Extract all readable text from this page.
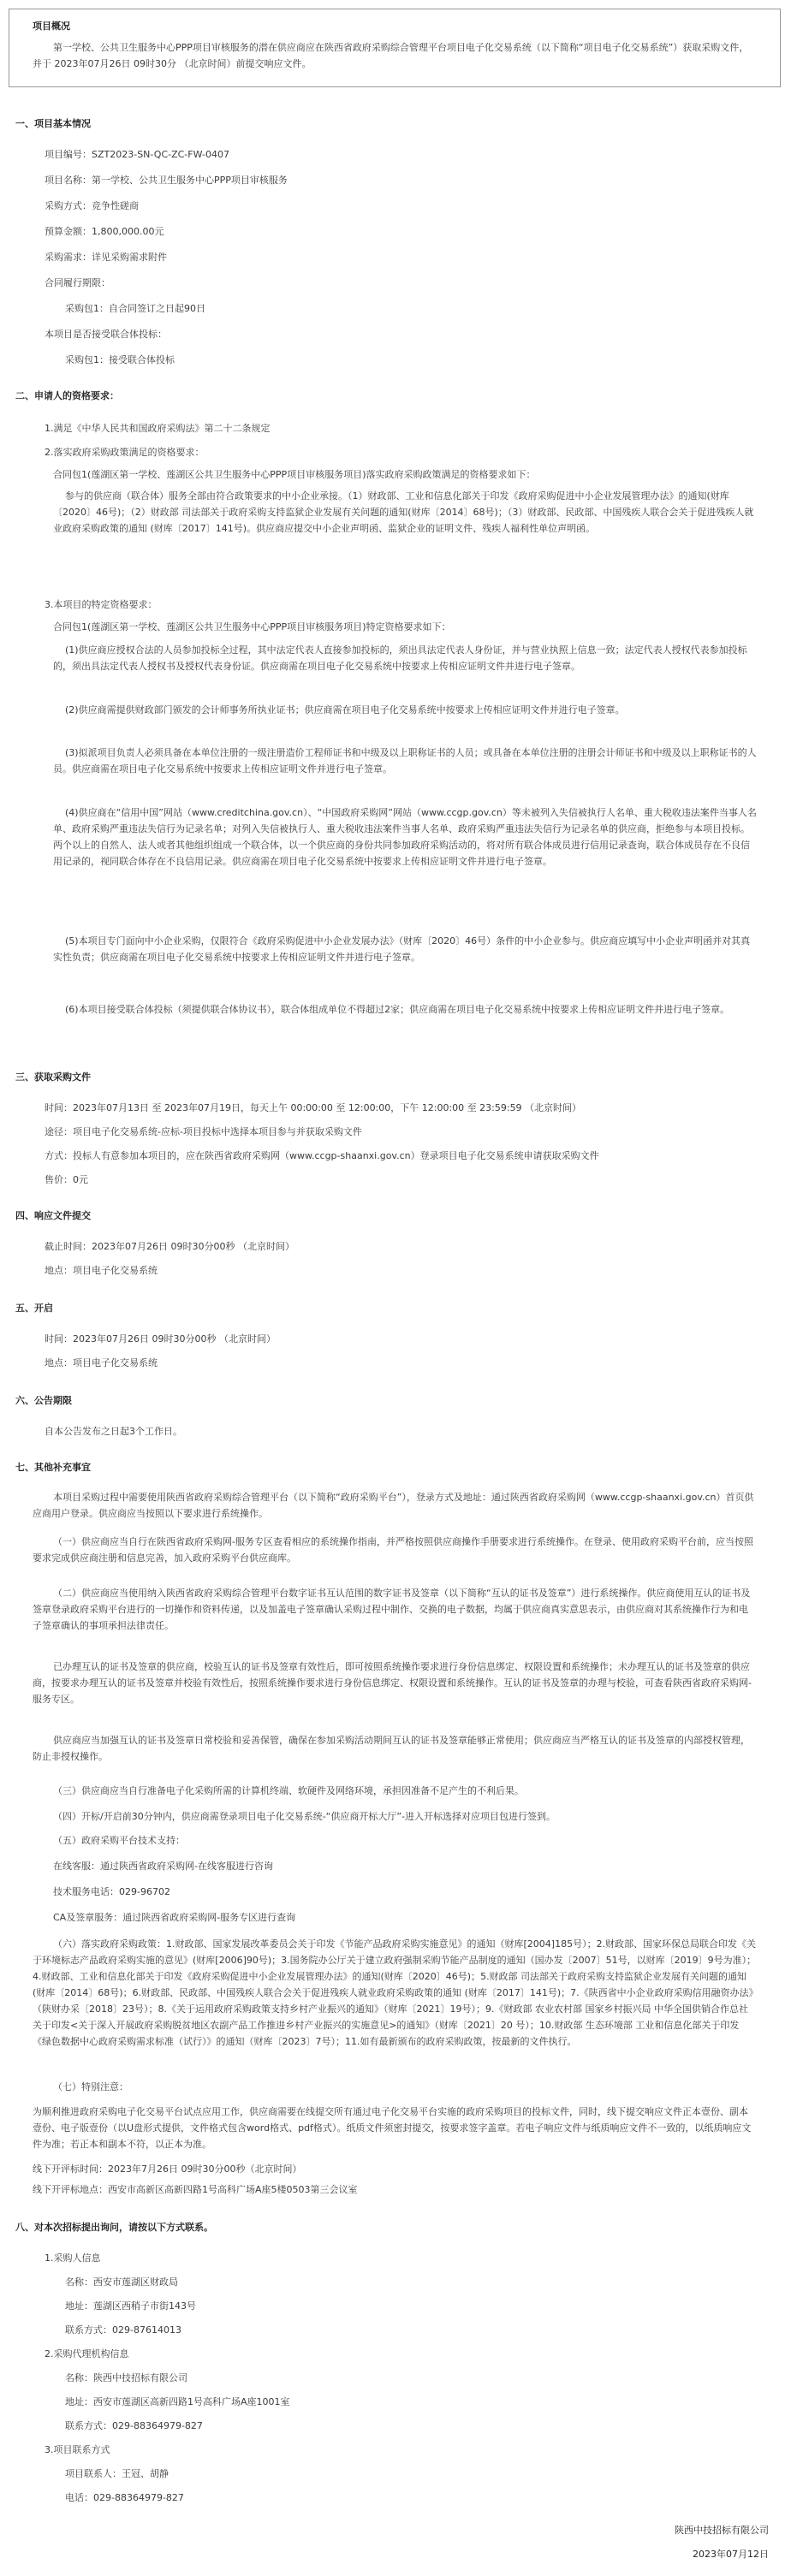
项目概况
第一学校、公共卫生服务中心PPP项目审核服务的潜在供应商应在陕西省政府采购综合管理平台项目电子化交易系统（以下简称“项目电子化交易系统”）获取采购文件，并于 2023年07月26日 09时30分 （北京时间）前提交响应文件。
一、项目基本情况
项目编号：SZT2023-SN-QC-ZC-FW-0407
项目名称：第一学校、公共卫生服务中心PPP项目审核服务
采购方式：竞争性磋商
预算金额：1,800,000.00元
采购需求：详见采购需求附件
合同履行期限：
采购包1：自合同签订之日起90日
本项目是否接受联合体投标：
采购包1：接受联合体投标
二、申请人的资格要求：
1.满足《中华人民共和国政府采购法》第二十二条规定
2.落实政府采购政策满足的资格要求：
合同包1(莲湖区第一学校、莲湖区公共卫生服务中心PPP项目审核服务项目)落实政府采购政策满足的资格要求如下：
参与的供应商（联合体）服务全部由符合政策要求的中小企业承接。（1）财政部、工业和信息化部关于印发《政府采购促进中小企业发展管理办法》的通知(财库〔2020〕46号)；（2）财政部 司法部关于政府采购支持监狱企业发展有关问题的通知(财库〔2014〕68号)；（3）财政部、民政部、中国残疾人联合会关于促进残疾人就业政府采购政策的通知 (财库〔2017〕141号)。供应商应提交中小企业声明函、监狱企业的证明文件、残疾人福利性单位声明函。
3.本项目的特定资格要求：
合同包1(莲湖区第一学校、莲湖区公共卫生服务中心PPP项目审核服务项目)特定资格要求如下：
(1)供应商应授权合法的人员参加投标全过程，其中法定代表人直接参加投标的，须出具法定代表人身份证，并与营业执照上信息一致；法定代表人授权代表参加投标的，须出具法定代表人授权书及授权代表身份证。供应商需在项目电子化交易系统中按要求上传相应证明文件并进行电子签章。
(2)供应商需提供财政部门颁发的会计师事务所执业证书；供应商需在项目电子化交易系统中按要求上传相应证明文件并进行电子签章。
(3)拟派项目负责人必须具备在本单位注册的一级注册造价工程师证书和中级及以上职称证书的人员；或具备在本单位注册的注册会计师证书和中级及以上职称证书的人员。供应商需在项目电子化交易系统中按要求上传相应证明文件并进行电子签章。
(4)供应商在“信用中国”网站（www.creditchina.gov.cn）、“中国政府采购网”网站（www.ccgp.gov.cn）等未被列入失信被执行人名单、重大税收违法案件当事人名单、政府采购严重违法失信行为记录名单；对列入失信被执行人、重大税收违法案件当事人名单、政府采购严重违法失信行为记录名单的供应商，拒绝参与本项目投标。两个以上的自然人、法人或者其他组织组成一个联合体，以一个供应商的身份共同参加政府采购活动的，将对所有联合体成员进行信用记录查询，联合体成员存在不良信用记录的，视同联合体存在不良信用记录。供应商需在项目电子化交易系统中按要求上传相应证明文件并进行电子签章。
(5)本项目专门面向中小企业采购，仅限符合《政府采购促进中小企业发展办法》（财库〔2020〕46号）条件的中小企业参与。供应商应填写中小企业声明函并对其真实性负责；供应商需在项目电子化交易系统中按要求上传相应证明文件并进行电子签章。
(6)本项目接受联合体投标（须提供联合体协议书），联合体组成单位不得超过2家；供应商需在项目电子化交易系统中按要求上传相应证明文件并进行电子签章。
三、获取采购文件
时间：2023年07月13日 至 2023年07月19日，每天上午 00:00:00 至 12:00:00，下午 12:00:00 至 23:59:59 （北京时间）
途径：项目电子化交易系统-应标-项目投标中选择本项目参与并获取采购文件
方式：投标人有意参加本项目的，应在陕西省政府采购网（www.ccgp-shaanxi.gov.cn）登录项目电子化交易系统申请获取采购文件
售价：0元
四、响应文件提交
截止时间：2023年07月26日 09时30分00秒 （北京时间）
地点：项目电子化交易系统
五、开启
时间：2023年07月26日 09时30分00秒 （北京时间）
地点：项目电子化交易系统
六、公告期限
自本公告发布之日起3个工作日。
七、其他补充事宜
本项目采购过程中需要使用陕西省政府采购综合管理平台（以下简称“政府采购平台”），登录方式及地址：通过陕西省政府采购网（www.ccgp-shaanxi.gov.cn）首页供应商用户登录。供应商应当按照以下要求进行系统操作。
（一）供应商应当自行在陕西省政府采购网-服务专区查看相应的系统操作指南，并严格按照供应商操作手册要求进行系统操作。在登录、使用政府采购平台前，应当按照要求完成供应商注册和信息完善，加入政府采购平台供应商库。
（二）供应商应当使用纳入陕西省政府采购综合管理平台数字证书互认范围的数字证书及签章（以下简称“互认的证书及签章”）进行系统操作。供应商使用互认的证书及签章登录政府采购平台进行的一切操作和资料传递，以及加盖电子签章确认采购过程中制作、交换的电子数据，均属于供应商真实意思表示，由供应商对其系统操作行为和电子签章确认的事项承担法律责任。
已办理互认的证书及签章的供应商，校验互认的证书及签章有效性后，即可按照系统操作要求进行身份信息绑定、权限设置和系统操作；未办理互认的证书及签章的供应商，按要求办理互认的证书及签章并校验有效性后，按照系统操作要求进行身份信息绑定、权限设置和系统操作。互认的证书及签章的办理与校验，可查看陕西省政府采购网-服务专区。
供应商应当加强互认的证书及签章日常校验和妥善保管，确保在参加采购活动期间互认的证书及签章能够正常使用；供应商应当严格互认的证书及签章的内部授权管理，防止非授权操作。
（三）供应商应当自行准备电子化采购所需的计算机终端、软硬件及网络环境，承担因准备不足产生的不利后果。
（四）开标/开启前30分钟内，供应商需登录项目电子化交易系统-“供应商开标大厅”-进入开标选择对应项目包进行签到。
（五）政府采购平台技术支持：
在线客服：通过陕西省政府采购网-在线客服进行咨询
技术服务电话：029-96702
CA及签章服务：通过陕西省政府采购网-服务专区进行查询
（六）落实政府采购政策：1.财政部、国家发展改革委员会关于印发《节能产品政府采购实施意见》的通知（财库[2004]185号）；2.财政部、国家环保总局联合印发《关于环境标志产品政府采购实施的意见》(财库[2006]90号)；3.国务院办公厅关于建立政府强制采购节能产品制度的通知（国办发〔2007〕51号，以财库〔2019〕9号为准）；4.财政部、工业和信息化部关于印发《政府采购促进中小企业发展管理办法》的通知(财库〔2020〕46号)；5.财政部 司法部关于政府采购支持监狱企业发展有关问题的通知(财库〔2014〕68号)；6.财政部、民政部、中国残疾人联合会关于促进残疾人就业政府采购政策的通知 (财库〔2017〕141号)；7.《陕西省中小企业政府采购信用融资办法》（陕财办采〔2018〕23号）；8.《关于运用政府采购政策支持乡村产业振兴的通知》（财库〔2021〕19号）；9.《财政部 农业农村部 国家乡村振兴局 中华全国供销合作总社关于印发<关于深入开展政府采购脱贫地区农副产品工作推进乡村产业振兴的实施意见>的通知》（财库〔2021〕20 号）；10.财政部 生态环境部 工业和信息化部关于印发《绿色数据中心政府采购需求标准（试行）》的通知（财库〔2023〕7号）；11.如有最新颁布的政府采购政策，按最新的文件执行。
（七）特别注意：
为顺利推进政府采购电子化交易平台试点应用工作，供应商需要在线提交所有通过电子化交易平台实施的政府采购项目的投标文件，同时，线下提交响应文件正本壹份、副本壹份、电子版壹份（以U盘形式提供，文件格式包含word格式、pdf格式）。纸质文件须密封提交，按要求签字盖章。若电子响应文件与纸质响应文件不一致的，以纸质响应文件为准；若正本和副本不符，以正本为准。
线下开评标时间：2023年7月26日 09时30分00秒（北京时间）
线下开评标地点：西安市高新区高新四路1号高科广场A座5楼0503第三会议室
八、对本次招标提出询问，请按以下方式联系。
1.采购人信息
名称：西安市莲湖区财政局
地址：莲湖区西稍子市街143号
联系方式：029-87614013
2.采购代理机构信息
名称：陕西中技招标有限公司
地址：西安市莲湖区高新四路1号高科广场A座1001室
联系方式：029-88364979-827
3.项目联系方式
项目联系人：王冠、胡静
电话：029-88364979-827
陕西中技招标有限公司
2023年07月12日
